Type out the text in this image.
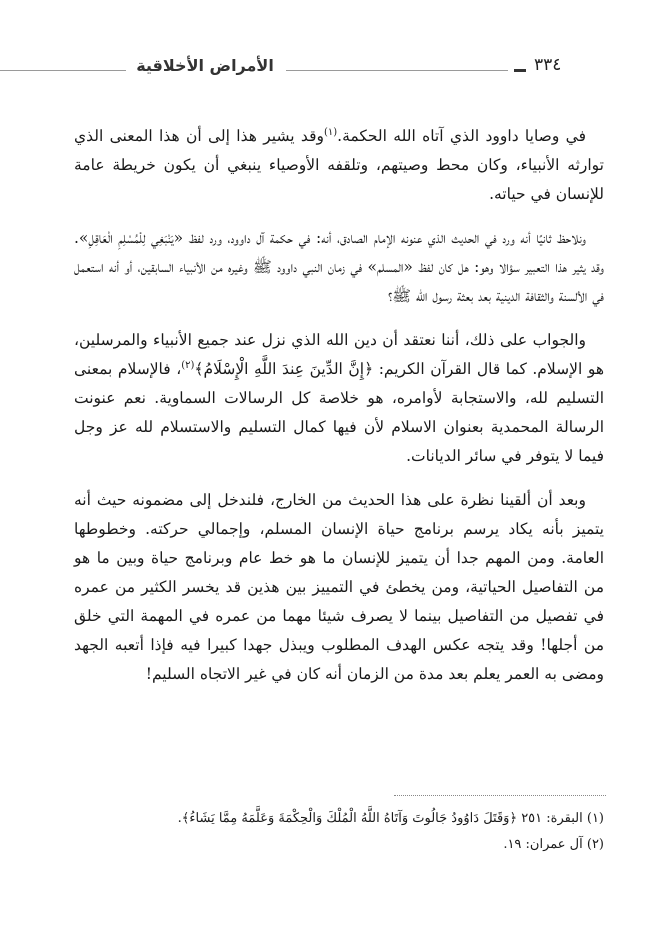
الأمراض الأخلاقية	٣٣٤

في وصايا داوود الذي آتاه الله الحكمة.$^{(١)}$وقد يشير هذا إلى أن هذا المعنى الذي توارثه الأنبياء، وكان محط وصيتهم، وتلقفه الأوصياء ينبغي أن يكون خريطة عامة للإنسان في حياته.

ونلاحظ ثانيًا أنه ورد في الحديث الذي عنونه الإمام الصادق، أنه: في حكمة آل داوود، ورد لفظ «يَنْبَغِي لِلْمُسْلِمِ الْعَاقِلِ». وقد يثير هذا التعبير سؤالا وهو: هل كان لفظ «المسلم» في زمان النبي داوود ﷺ وغيره من الأنبياء السابقين، أو أنه استعمل في الألسنة والثقافة الدينية بعد بعثة رسول الله ﷺ؟

والجواب على ذلك، أننا نعتقد أن دين الله الذي نزل عند جميع الأنبياء والمرسلين، هو الإسلام. كما قال القرآن الكريم: ﴿إِنَّ الدِّينَ عِندَ اللَّهِ الْإِسْلَامُ﴾$^{(٢)}$، فالإسلام بمعنى التسليم لله، والاستجابة لأوامره، هو خلاصة كل الرسالات السماوية. نعم عنونت الرسالة المحمدية بعنوان الاسلام لأن فيها كمال التسليم والاستسلام لله عز وجل فيما لا يتوفر في سائر الديانات.

وبعد أن ألقينا نظرة على هذا الحديث من الخارج، فلندخل إلى مضمونه حيث أنه يتميز بأنه يكاد يرسم برنامج حياة الإنسان المسلم، وإجمالي حركته. وخطوطها العامة. ومن المهم جدا أن يتميز للإنسان ما هو خط عام وبرنامج حياة وبين ما هو من التفاصيل الحياتية، ومن يخطئ في التمييز بين هذين قد يخسر الكثير من عمره في تفصيل من التفاصيل بينما لا يصرف شيئا مهما من عمره في المهمة التي خلق من أجلها! وقد يتجه عكس الهدف المطلوب ويبذل جهدا كبيرا فيه فإذا أتعبه الجهد ومضى به العمر يعلم بعد مدة من الزمان أنه كان في غير الاتجاه السليم!

(١) البقرة: ٢٥١ ﴿وَقَتَلَ دَاوُودُ جَالُوتَ وَآتَاهُ اللَّهُ الْمُلْكَ وَالْحِكْمَةَ وَعَلَّمَهُ مِمَّا يَشَاءُ﴾.

(٢) آل عمران: ١٩.
